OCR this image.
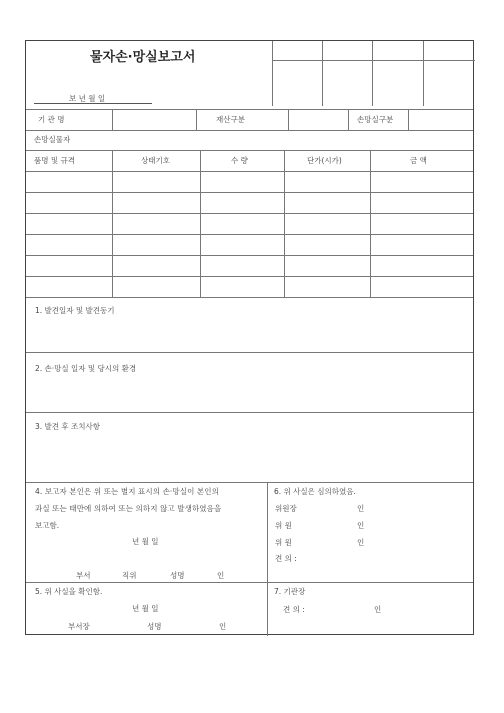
물자손·망실보고서
보 년 월 일
기 관 명	재산구분	손망실구분
손망실물자
품명 및 규격	상태기호	수 량	단가(시가)	금 액
1. 발견일자 및 발견동기
2. 손·망실 일자 및 당시의 환경
3. 발견 후 조치사항
4. 보고자 본인은 위 또는 별지 표시의 손·망실이 본인의
과실 또는 태만에 의하여 또는 의하지 않고 발생하였음을
보고함.
년 월 일
부서	직위	성명	인
6. 위 사실은 심의하였음.
위원장	인
위 원	인
위 원	인
견 의 :
5. 위 사실을 확인함.
년 월 일
부서장	성명	인
7. 기관장
견 의 :	인
